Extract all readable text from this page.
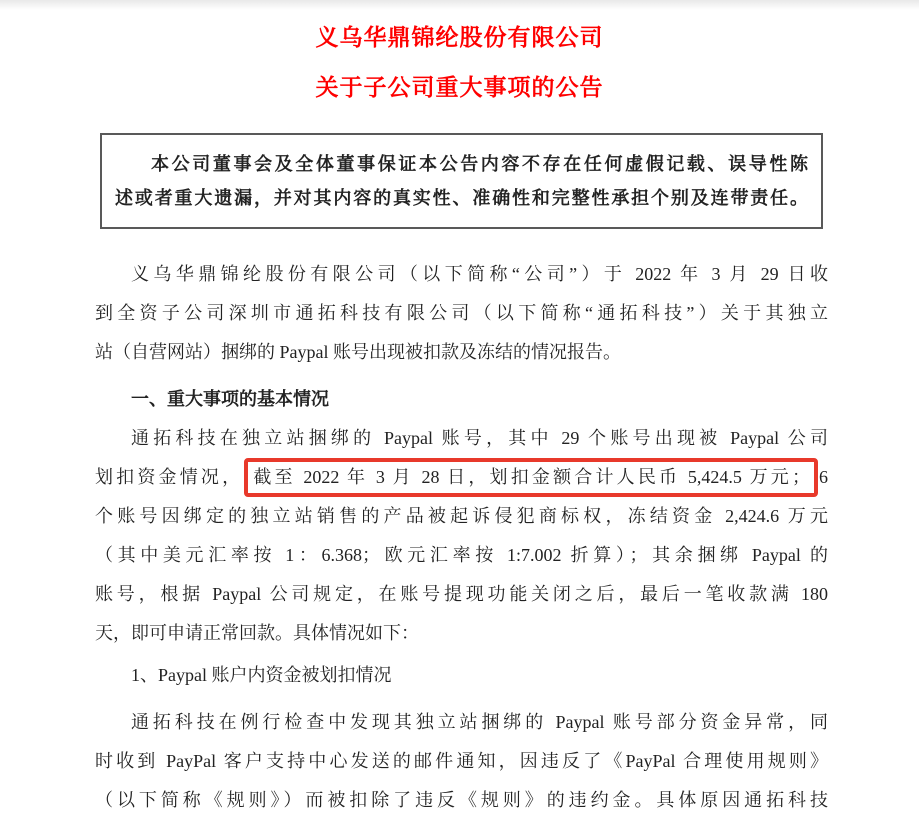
义乌华鼎锦纶股份有限公司
关于子公司重大事项的公告
本公司董事会及全体董事保证本公告内容不存在任何虚假记载、误导性陈
述或者重大遗漏，并对其内容的真实性、准确性和完整性承担个别及连带责任。
义乌华鼎锦纶股份有限公司（以下简称“公司”）于 2022 年 3 月 29 日收
到全资子公司深圳市通拓科技有限公司（以下简称“通拓科技”）关于其独立
站（自营网站）捆绑的 Paypal 账号出现被扣款及冻结的情况报告。
一、重大事项的基本情况
通拓科技在独立站捆绑的 Paypal 账号，其中 29 个账号出现被 Paypal 公司
划扣资金情况， 截至 2022 年 3 月 28 日，划扣金额合计人民币 5,424.5 万元； 6
个账号因绑定的独立站销售的产品被起诉侵犯商标权，冻结资金 2,424.6 万元
（其中美元汇率按 1：6.368；欧元汇率按 1:7.002 折算）；其余捆绑 Paypal 的
账号，根据 Paypal 公司规定，在账号提现功能关闭之后，最后一笔收款满 180
天，即可申请正常回款。具体情况如下：
1、Paypal 账户内资金被划扣情况
通拓科技在例行检查中发现其独立站捆绑的 Paypal 账号部分资金异常，同
时收到 PayPal 客户支持中心发送的邮件通知，因违反了《PayPal 合理使用规则》
（以下简称《规则》）而被扣除了违反《规则》的违约金。具体原因通拓科技
